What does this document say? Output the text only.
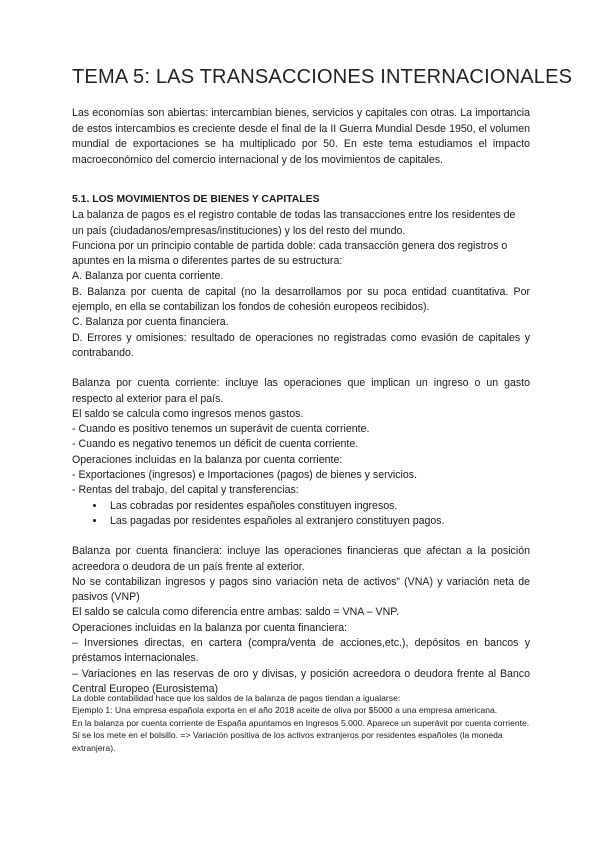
TEMA 5: LAS TRANSACCIONES INTERNACIONALES

Las economías son abiertas: intercambian bienes, servicios y capitales con otras. La importancia de estos intercambios es creciente desde el final de la II Guerra Mundial Desde 1950, el volumen mundial de exportaciones se ha multiplicado por 50. En este tema estudiamos el impacto macroeconómico del comercio internacional y de los movimientos de capitales.

5.1. LOS MOVIMIENTOS DE BIENES Y CAPITALES

La balanza de pagos es el registro contable de todas las transacciones entre los residentes de un país (ciudadanos/empresas/instituciones) y los del resto del mundo.

Funciona por un principio contable de partida doble: cada transacción genera dos registros o apuntes en la misma o diferentes partes de su estructura:

A. Balanza por cuenta corriente.

B. Balanza por cuenta de capital (no la desarrollamos por su poca entidad cuantitativa. Por ejemplo, en ella se contabilizan los fondos de cohesión europeos recibidos).

C. Balanza por cuenta financiera.

D. Errores y omisiones: resultado de operaciones no registradas como evasión de capitales y contrabando.

Balanza por cuenta corriente: incluye las operaciones que implican un ingreso o un gasto respecto al exterior para el país.

El saldo se calcula como ingresos menos gastos.

- Cuando es positivo tenemos un superávit de cuenta corriente.

- Cuando es negativo tenemos un déficit de cuenta corriente.

Operaciones incluidas en la balanza por cuenta corriente:

- Exportaciones (ingresos) e Importaciones (pagos) de bienes y servicios.

- Rentas del trabajo, del capital y transferencias:

• Las cobradas por residentes españoles constituyen ingresos.
• Las pagadas por residentes españoles al extranjero constituyen pagos.

Balanza por cuenta financiera: incluye las operaciones financieras que afectan a la posición acreedora o deudora de un país frente al exterior.

No se contabilizan ingresos y pagos sino variación neta de activos” (VNA) y variación neta de pasivos (VNP)

El saldo se calcula como diferencia entre ambas: saldo = VNA – VNP.

Operaciones incluidas en la balanza por cuenta financiera:

– Inversiones directas, en cartera (compra/venta de acciones,etc.), depósitos en bancos y préstamos internacionales.

– Variaciones en las reservas de oro y divisas, y posición acreedora o deudora frente al Banco Central Europeo (Eurosistema)

La doble contabilidad hace que los saldos de la balanza de pagos tiendan a igualarse:

Ejemplo 1: Una empresa española exporta en el año 2018 aceite de oliva por $5000 a una empresa americana.

En la balanza por cuenta corriente de España apuntamos en Ingresos 5.000. Aparece un superávit por cuenta corriente.

Si se los mete en el bolsillo. => Variación positiva de los activos extranjeros por residentes españoles (la moneda extranjera).
